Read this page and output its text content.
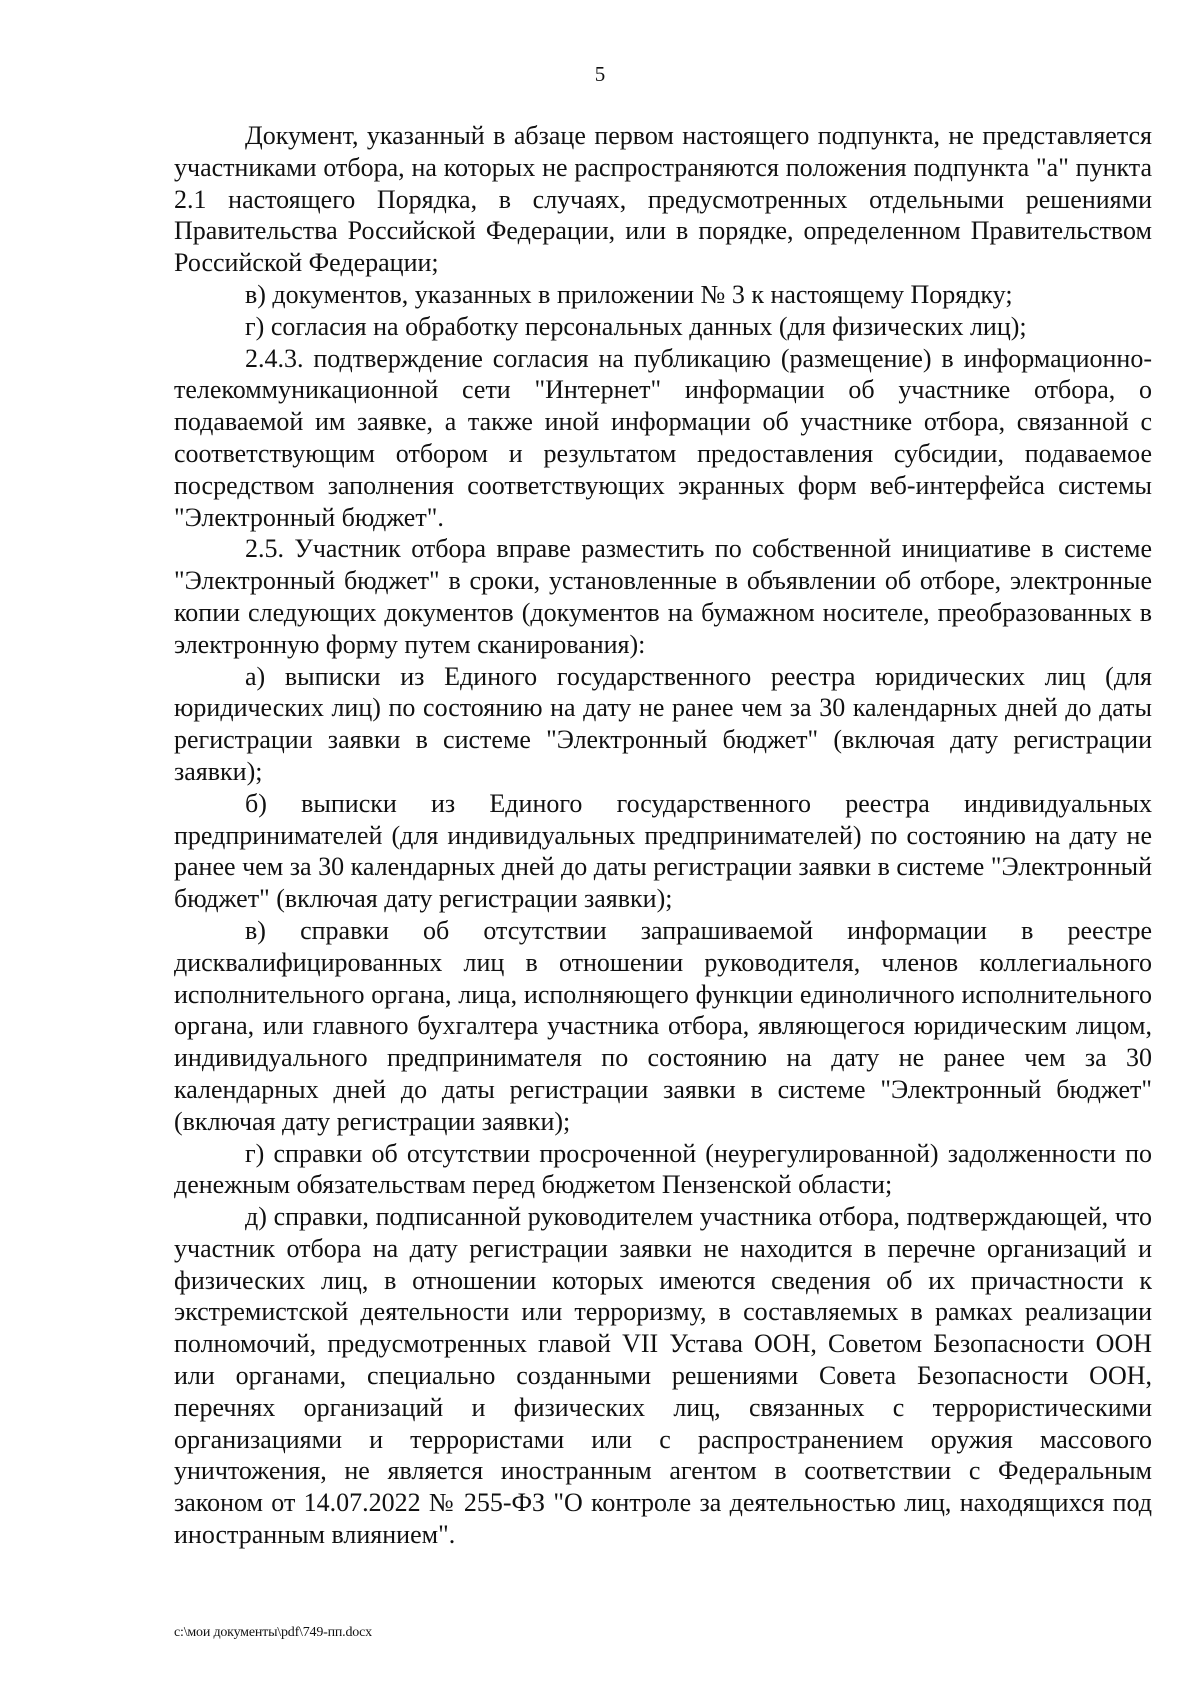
5

Документ, указанный в абзаце первом настоящего подпункта, не представляется участниками отбора, на которых не распространяются положения подпункта "а" пункта 2.1 настоящего Порядка, в случаях, предусмотренных отдельными решениями Правительства Российской Федерации, или в порядке, определенном Правительством Российской Федерации;

в) документов, указанных в приложении № 3 к настоящему Порядку;

г) согласия на обработку персональных данных (для физических лиц);

2.4.3. подтверждение согласия на публикацию (размещение) в информационно-телекоммуникационной сети "Интернет" информации об участнике отбора, о подаваемой им заявке, а также иной информации об участнике отбора, связанной с соответствующим отбором и результатом предоставления субсидии, подаваемое посредством заполнения соответствующих экранных форм веб-интерфейса системы "Электронный бюджет".

2.5. Участник отбора вправе разместить по собственной инициативе в системе "Электронный бюджет" в сроки, установленные в объявлении об отборе, электронные копии следующих документов (документов на бумажном носителе, преобразованных в электронную форму путем сканирования):

а) выписки из Единого государственного реестра юридических лиц (для юридических лиц) по состоянию на дату не ранее чем за 30 календарных дней до даты регистрации заявки в системе "Электронный бюджет" (включая дату регистрации заявки);

б) выписки из Единого государственного реестра индивидуальных предпринимателей (для индивидуальных предпринимателей) по состоянию на дату не ранее чем за 30 календарных дней до даты регистрации заявки в системе "Электронный бюджет" (включая дату регистрации заявки);

в) справки об отсутствии запрашиваемой информации в реестре дисквалифицированных лиц в отношении руководителя, членов коллегиального исполнительного органа, лица, исполняющего функции единоличного исполнительного органа, или главного бухгалтера участника отбора, являющегося юридическим лицом, индивидуального предпринимателя по состоянию на дату не ранее чем за 30 календарных дней до даты регистрации заявки в системе "Электронный бюджет" (включая дату регистрации заявки);

г) справки об отсутствии просроченной (неурегулированной) задолженности по денежным обязательствам перед бюджетом Пензенской области;

д) справки, подписанной руководителем участника отбора, подтверждающей, что участник отбора на дату регистрации заявки не находится в перечне организаций и физических лиц, в отношении которых имеются сведения об их причастности к экстремистской деятельности или терроризму, в составляемых в рамках реализации полномочий, предусмотренных главой VII Устава ООН, Советом Безопасности ООН или органами, специально созданными решениями Совета Безопасности ООН, перечнях организаций и физических лиц, связанных с террористическими организациями и террористами или с распространением оружия массового уничтожения, не является иностранным агентом в соответствии с Федеральным законом от 14.07.2022 № 255-ФЗ "О контроле за деятельностью лиц, находящихся под иностранным влиянием".

c:\мои документы\pdf\749-пп.docx
